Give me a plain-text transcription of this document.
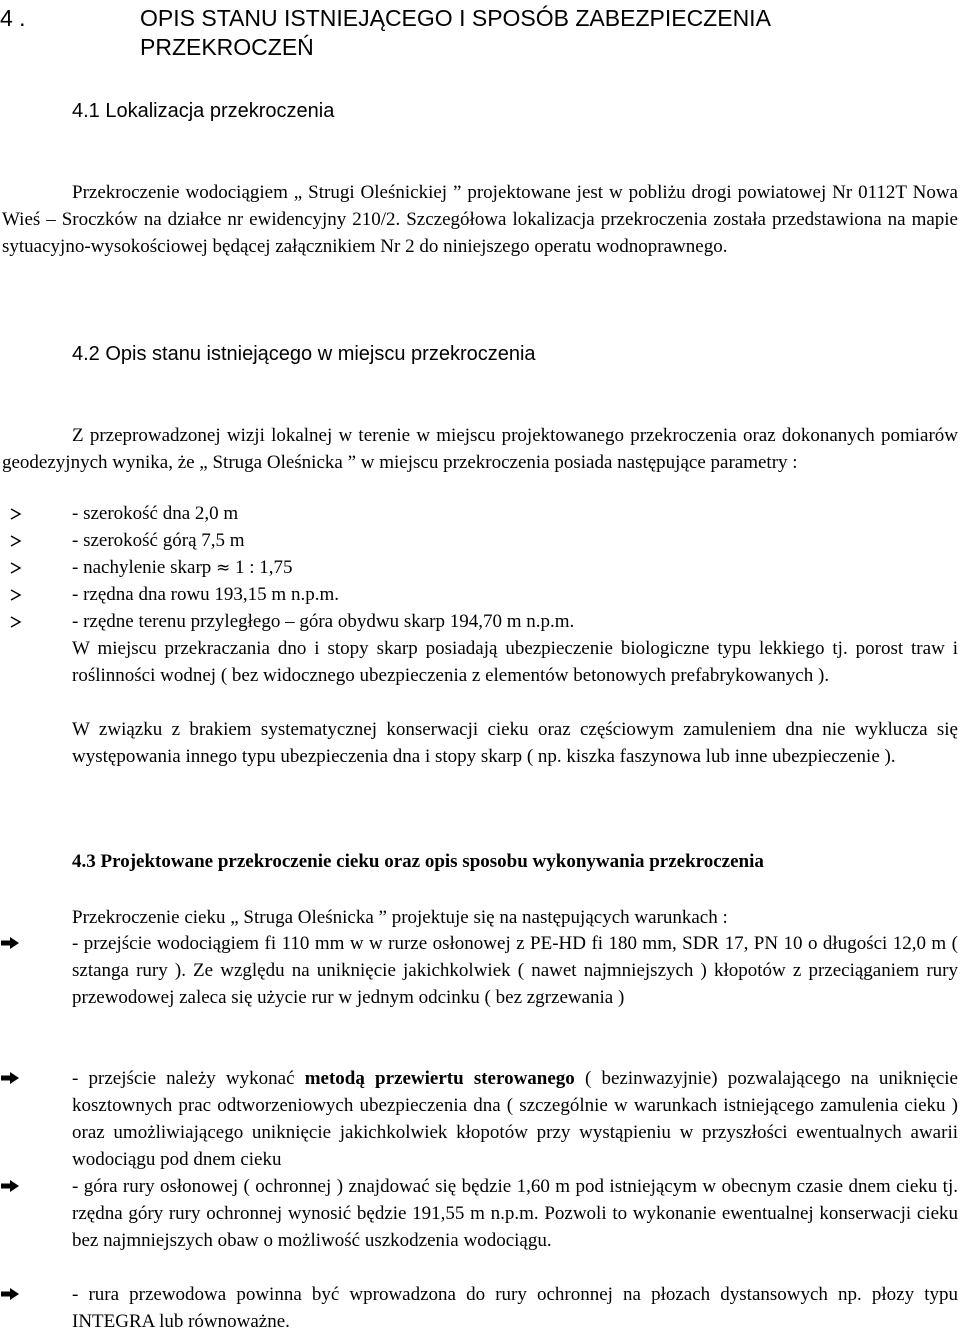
4 .	OPIS STANU ISTNIEJĄCEGO I SPOSÓB ZABEZPIECZENIA PRZEKROCZEŃ
4.1 Lokalizacja przekroczenia
Przekroczenie wodociągiem „ Strugi Oleśnickiej ” projektowane jest w pobliżu drogi powiatowej Nr 0112T Nowa Wieś – Sroczków na działce nr ewidencyjny 210/2. Szczegółowa lokalizacja przekroczenia została przedstawiona na mapie sytuacyjno-wysokościowej będącej załącznikiem Nr 2 do niniejszego operatu wodnoprawnego.
4.2 Opis stanu istniejącego w miejscu przekroczenia
Z przeprowadzonej wizji lokalnej w terenie w miejscu projektowanego przekroczenia oraz dokonanych pomiarów geodezyjnych wynika, że „ Struga Oleśnicka ” w miejscu przekroczenia posiada następujące parametry :
- szerokość dna 2,0 m
- szerokość górą 7,5 m
- nachylenie skarp ≈ 1 : 1,75
- rzędna dna rowu 193,15 m n.p.m.
- rzędne terenu przyległego – góra obydwu skarp 194,70 m n.p.m.
W miejscu przekraczania dno i stopy skarp posiadają ubezpieczenie biologiczne typu lekkiego tj. porost traw i roślinności wodnej ( bez widocznego ubezpieczenia z elementów betonowych prefabrykowanych ).
W związku z brakiem systematycznej konserwacji cieku oraz częściowym zamuleniem dna nie wyklucza się występowania innego typu ubezpieczenia dna i stopy skarp ( np. kiszka faszynowa lub inne ubezpieczenie ).
4.3 Projektowane przekroczenie cieku oraz opis sposobu wykonywania przekroczenia
Przekroczenie cieku „ Struga Oleśnicka ” projektuje się na następujących warunkach :
- przejście wodociągiem fi 110 mm w w rurze osłonowej z PE-HD fi 180 mm, SDR 17, PN 10 o długości 12,0 m ( sztanga rury ). Ze względu na uniknięcie jakichkolwiek ( nawet najmniejszych ) kłopotów z przeciąganiem rury przewodowej zaleca się użycie rur w jednym odcinku ( bez zgrzewania )
- przejście należy wykonać metodą przewiertu sterowanego ( bezinwazyjnie) pozwalającego na uniknięcie kosztownych prac odtworzeniowych ubezpieczenia dna ( szczególnie w warunkach istniejącego zamulenia cieku ) oraz umożliwiającego uniknięcie jakichkolwiek kłopotów przy wystąpieniu w przyszłości ewentualnych awarii wodociągu pod dnem cieku
- góra rury osłonowej ( ochronnej ) znajdować się będzie 1,60 m pod istniejącym w obecnym czasie dnem cieku tj. rzędna góry rury ochronnej wynosić będzie 191,55 m n.p.m. Pozwoli to wykonanie ewentualnej konserwacji cieku bez najmniejszych obaw o możliwość uszkodzenia wodociągu.
- rura przewodowa powinna być wprowadzona do rury ochronnej na płozach dystansowych np. płozy typu INTEGRA lub równoważne.
